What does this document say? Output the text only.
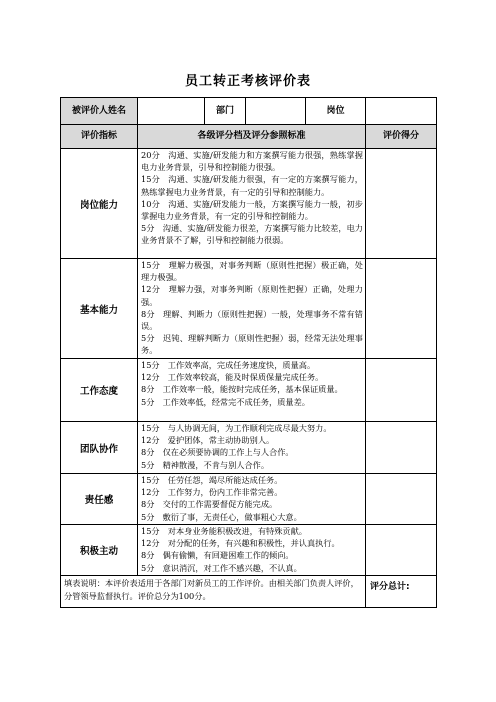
员工转正考核评价表
被评价人姓名		部门		岗位	
评价指标	各级评分档及评分参照标准				评价得分
岗位能力	20分　沟通、实施/研发能力和方案撰写能力很强，熟练掌握电力业务背景，引导和控制能力很强。

15分　沟通、实施/研发能力很强，有一定的方案撰写能力，熟练掌握电力业务背景，有一定的引导和控制能力。

10分　沟通、实施/研发能力一般，方案撰写能力一般，初步掌握电力业务背景，有一定的引导和控制能力。

5分　沟通、实施/研发能力很差，方案撰写能力比较差，电力业务背景不了解，引导和控制能力很弱。				

基本能力	15分　理解力极强，对事务判断（原则性把握）极正确，处理力极强。

12分　理解力强，对事务判断（原则性把握）正确，处理力强。

8分　理解、判断力（原则性把握）一般，处理事务不常有错误。

5分　迟钝、理解判断力（原则性把握）弱，经常无法处理事务。				

工作态度	15分　工作效率高，完成任务速度快，质量高。

12分　工作效率较高，能及时保质保量完成任务。

8分　工作效率一般，能按时完成任务，基本保证质量。

5分　工作效率低，经常完不成任务，质量差。				

团队协作	15分　与人协调无间，为工作顺利完成尽最大努力。

12分　爱护团体，常主动协助别人。

8分　仅在必须要协调的工作上与人合作。

5分　精神散漫，不肯与别人合作。				

责任感	15分　任劳任怨，竭尽所能达成任务。

12分　工作努力，份内工作非常完善。

8分　交付的工作需要督促方能完成。

5分　敷衍了事，无责任心，做事粗心大意。				

积极主动	15分　对本身业务能积极改进，有特殊贡献。

12分　对分配的任务，有兴趣和积极性，并认真执行。

8分　偶有偷懒，有回避困难工作的倾向。

5分　意识消沉，对工作不感兴趣，不认真。				

填表说明：本评价表适用于各部门对新员工的工作评价。由相关部门负责人评价，分管领导监督执行。评价总分为100分。					评分总计:
